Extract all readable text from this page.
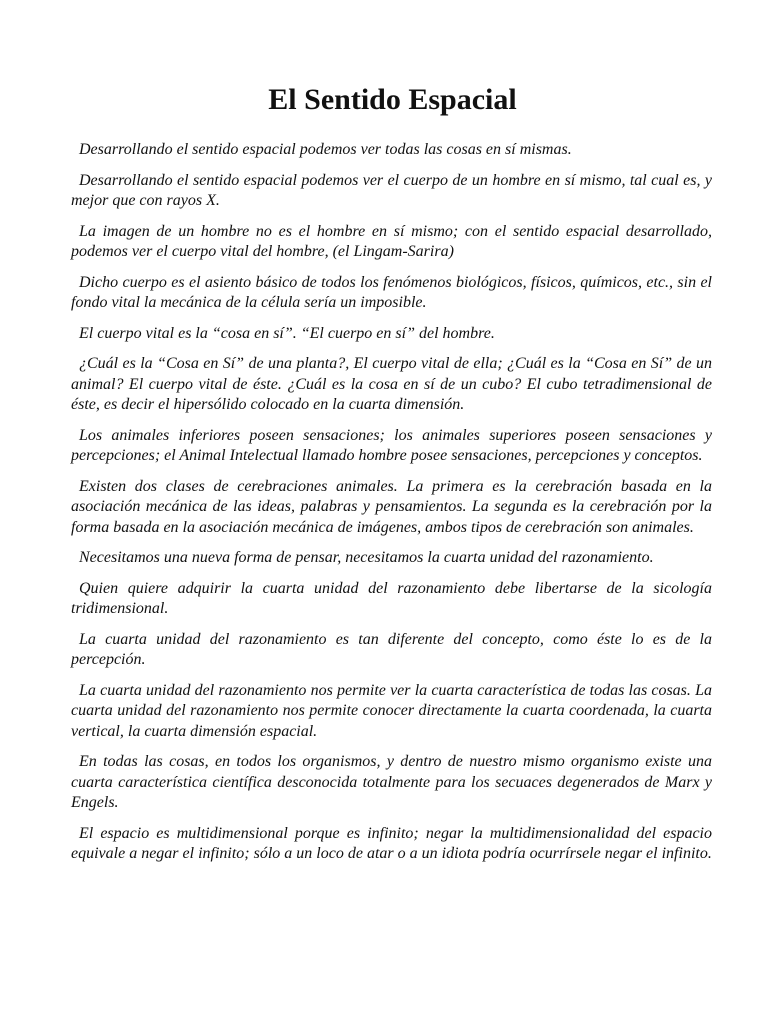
El Sentido Espacial

Desarrollando el sentido espacial podemos ver todas las cosas en sí mismas.

Desarrollando el sentido espacial podemos ver el cuerpo de un hombre en sí mismo, tal cual es, y mejor que con rayos X.

La imagen de un hombre no es el hombre en sí mismo; con el sentido espacial desarrollado, podemos ver el cuerpo vital del hombre, (el Lingam-Sarira)

Dicho cuerpo es el asiento básico de todos los fenómenos biológicos, físicos, químicos, etc., sin el fondo vital la mecánica de la célula sería un imposible.

El cuerpo vital es la “cosa en sí”. “El cuerpo en sí” del hombre.

¿Cuál es la “Cosa en Sí” de una planta?, El cuerpo vital de ella; ¿Cuál es la “Cosa en Sí” de un animal? El cuerpo vital de éste. ¿Cuál es la cosa en sí de un cubo? El cubo tetradimensional de éste, es decir el hipersólido colocado en la cuarta dimensión.

Los animales inferiores poseen sensaciones; los animales superiores poseen sensaciones y percepciones; el Animal Intelectual llamado hombre posee sensaciones, percepciones y conceptos.

Existen dos clases de cerebraciones animales. La primera es la cerebración basada en la asociación mecánica de las ideas, palabras y pensamientos. La segunda es la cerebración por la forma basada en la asociación mecánica de imágenes, ambos tipos de cerebración son animales.

Necesitamos una nueva forma de pensar, necesitamos la cuarta unidad del razonamiento.

Quien quiere adquirir la cuarta unidad del razonamiento debe libertarse de la sicología tridimensional.

La cuarta unidad del razonamiento es tan diferente del concepto, como éste lo es de la percepción.

La cuarta unidad del razonamiento nos permite ver la cuarta característica de todas las cosas. La cuarta unidad del razonamiento nos permite conocer directamente la cuarta coordenada, la cuarta vertical, la cuarta dimensión espacial.

En todas las cosas, en todos los organismos, y dentro de nuestro mismo organismo existe una cuarta característica científica desconocida totalmente para los secuaces degenerados de Marx y Engels.

El espacio es multidimensional porque es infinito; negar la multidimensionalidad del espacio equivale a negar el infinito; sólo a un loco de atar o a un idiota podría ocurrírsele negar el infinito.
